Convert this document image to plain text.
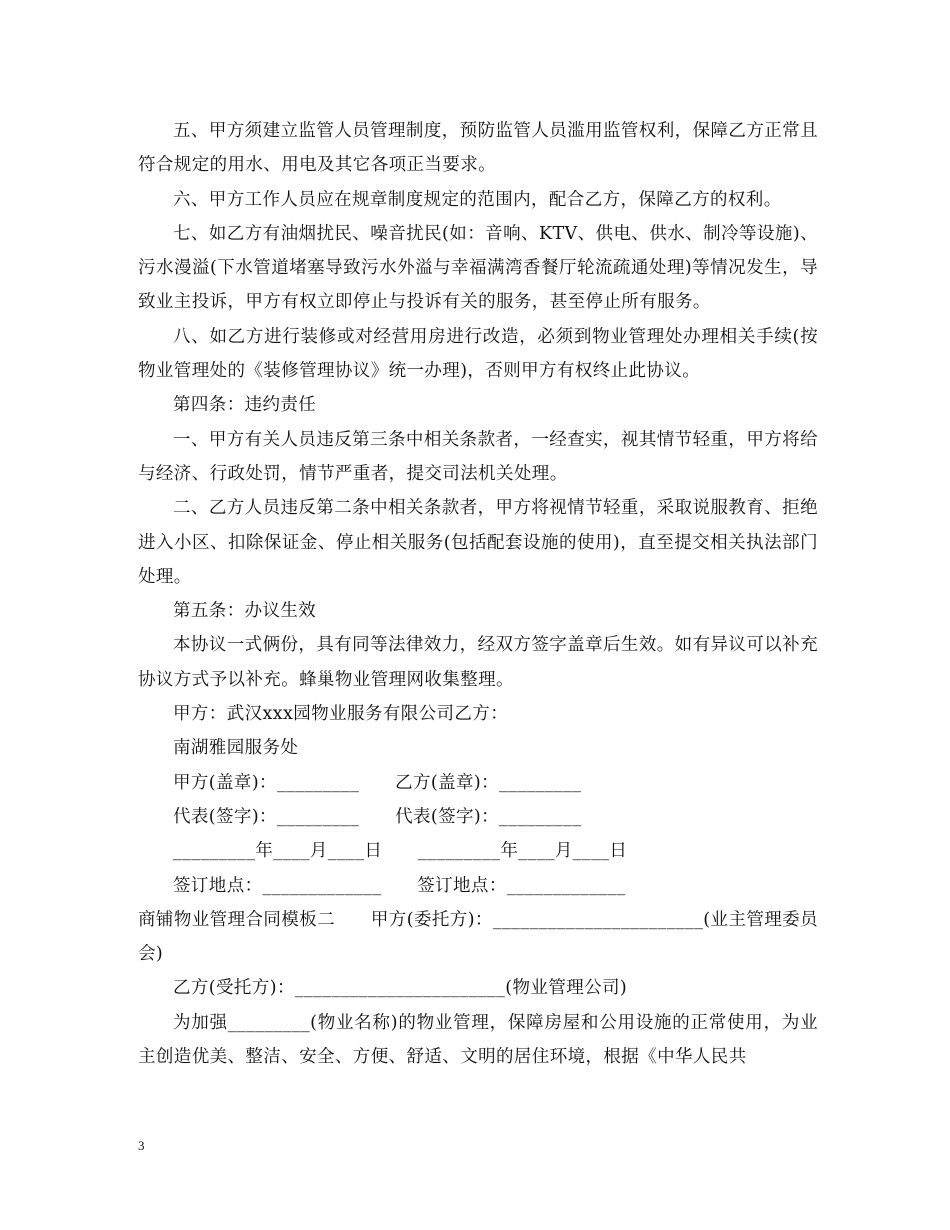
五、甲方须建立监管人员管理制度，预防监管人员滥用监管权利，保障乙方正常且符合规定的用水、用电及其它各项正当要求。

六、甲方工作人员应在规章制度规定的范围内，配合乙方，保障乙方的权利。

七、如乙方有油烟扰民、噪音扰民(如：音响、KTV、供电、供水、制冷等设施)、污水漫溢(下水管道堵塞导致污水外溢与幸福满湾香餐厅轮流疏通处理)等情况发生，导致业主投诉，甲方有权立即停止与投诉有关的服务，甚至停止所有服务。

八、如乙方进行装修或对经营用房进行改造，必须到物业管理处办理相关手续(按物业管理处的《装修管理协议》统一办理)，否则甲方有权终止此协议。

第四条：违约责任

一、甲方有关人员违反第三条中相关条款者，一经查实，视其情节轻重，甲方将给与经济、行政处罚，情节严重者，提交司法机关处理。

二、乙方人员违反第二条中相关条款者，甲方将视情节轻重，采取说服教育、拒绝进入小区、扣除保证金、停止相关服务(包括配套设施的使用)，直至提交相关执法部门处理。

第五条：办议生效

本协议一式俩份，具有同等法律效力，经双方签字盖章后生效。如有异议可以补充协议方式予以补充。蜂巢物业管理网收集整理。

甲方：武汉xxx园物业服务有限公司乙方：

南湖雅园服务处

甲方(盖章)：_________      乙方(盖章)：_________

代表(签字)：_________      代表(签字)：_________

_________年____月____日      _________年____月____日

签订地点：_____________      签订地点：_____________

商铺物业管理合同模板二      甲方(委托方)：_______________________(业主管理委员会)

乙方(受托方)：_______________________(物业管理公司)

为加强_________(物业名称)的物业管理，保障房屋和公用设施的正常使用，为业主创造优美、整洁、安全、方便、舒适、文明的居住环境，根据《中华人民共

3
